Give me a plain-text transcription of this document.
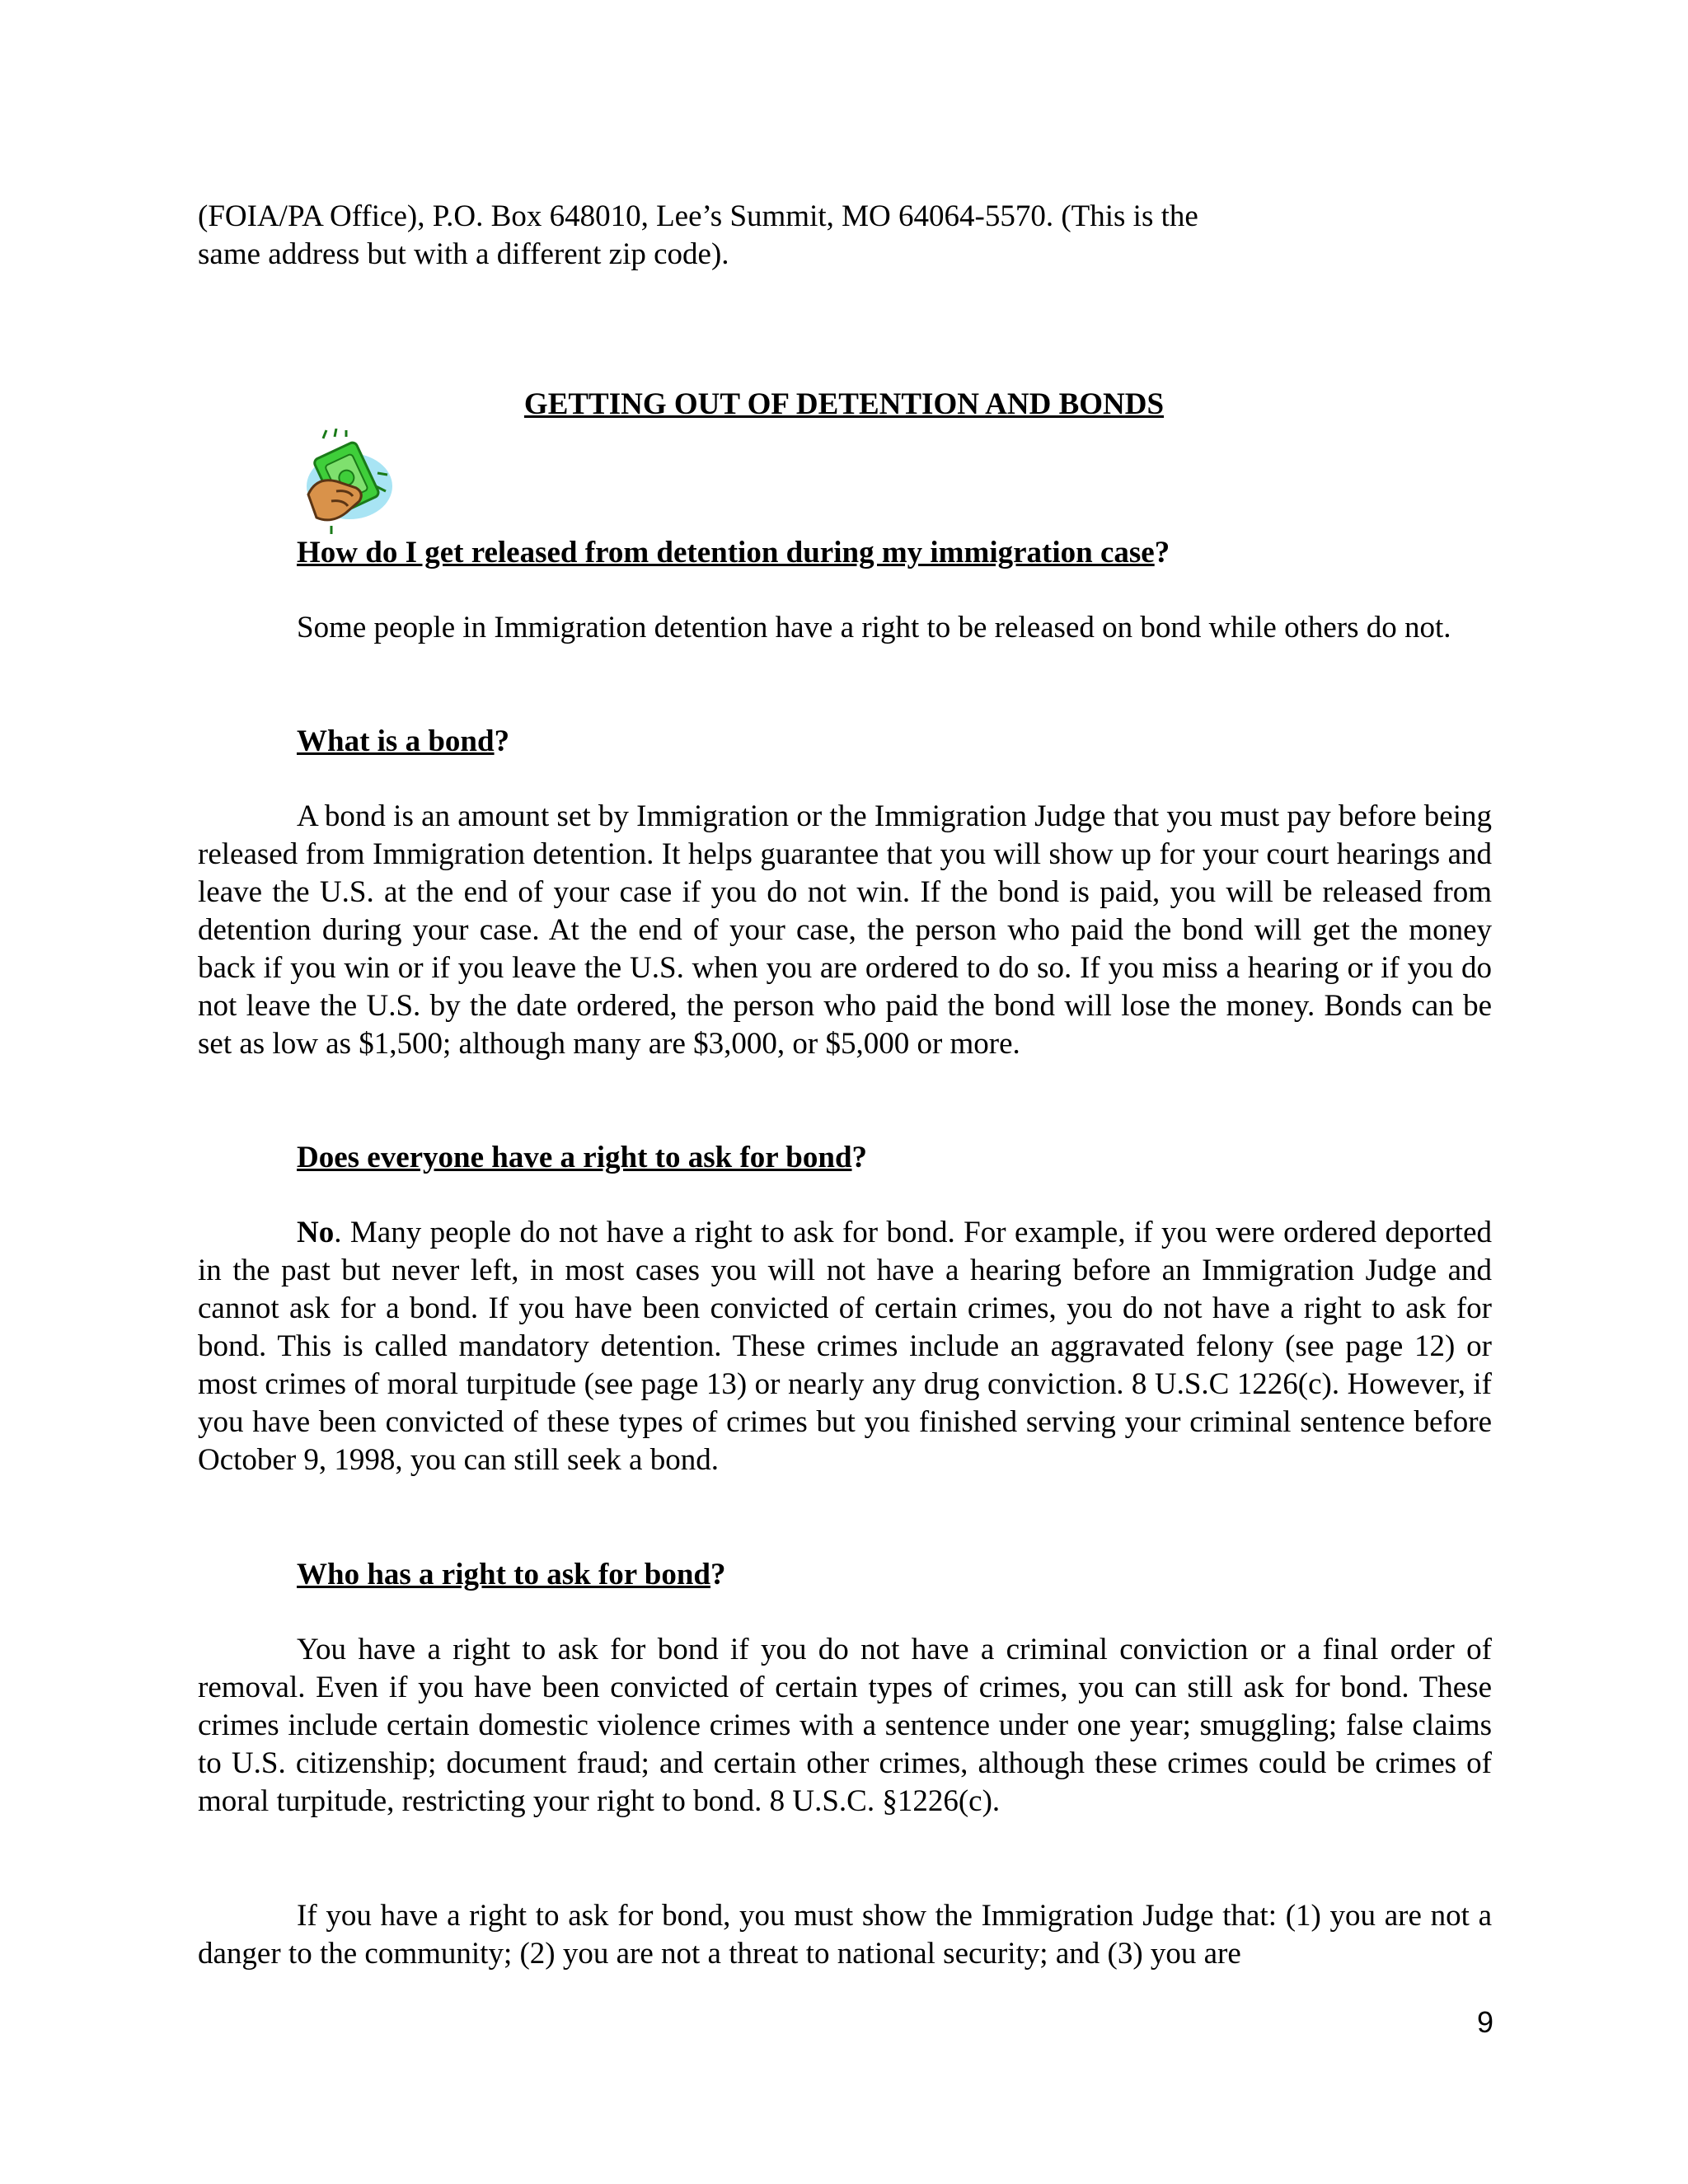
(FOIA/PA Office), P.O. Box 648010, Lee’s Summit, MO 64064-5570. (This is the
same address but with a different zip code).

GETTING OUT OF DETENTION AND BONDS

How do I get released from detention during my immigration case?

Some people in Immigration detention have a right to be released on bond while others do not.

What is a bond?

A bond is an amount set by Immigration or the Immigration Judge that you must pay before being released from Immigration detention. It helps guarantee that you will show up for your court hearings and leave the U.S. at the end of your case if you do not win. If the bond is paid, you will be released from detention during your case. At the end of your case, the person who paid the bond will get the money back if you win or if you leave the U.S. when you are ordered to do so. If you miss a hearing or if you do not leave the U.S. by the date ordered, the person who paid the bond will lose the money. Bonds can be set as low as $1,500; although many are $3,000, or $5,000 or more.

Does everyone have a right to ask for bond?

No. Many people do not have a right to ask for bond. For example, if you were ordered deported in the past but never left, in most cases you will not have a hearing before an Immigration Judge and cannot ask for a bond. If you have been convicted of certain crimes, you do not have a right to ask for bond. This is called mandatory detention. These crimes include an aggravated felony (see page 12) or most crimes of moral turpitude (see page 13) or nearly any drug conviction. 8 U.S.C 1226(c). However, if you have been convicted of these types of crimes but you finished serving your criminal sentence before October 9, 1998, you can still seek a bond.

Who has a right to ask for bond?

You have a right to ask for bond if you do not have a criminal conviction or a final order of removal. Even if you have been convicted of certain types of crimes, you can still ask for bond. These crimes include certain domestic violence crimes with a sentence under one year; smuggling; false claims to U.S. citizenship; document fraud; and certain other crimes, although these crimes could be crimes of moral turpitude, restricting your right to bond. 8 U.S.C. §1226(c).

If you have a right to ask for bond, you must show the Immigration Judge that: (1) you are not a danger to the community; (2) you are not a threat to national security; and (3) you are

9
